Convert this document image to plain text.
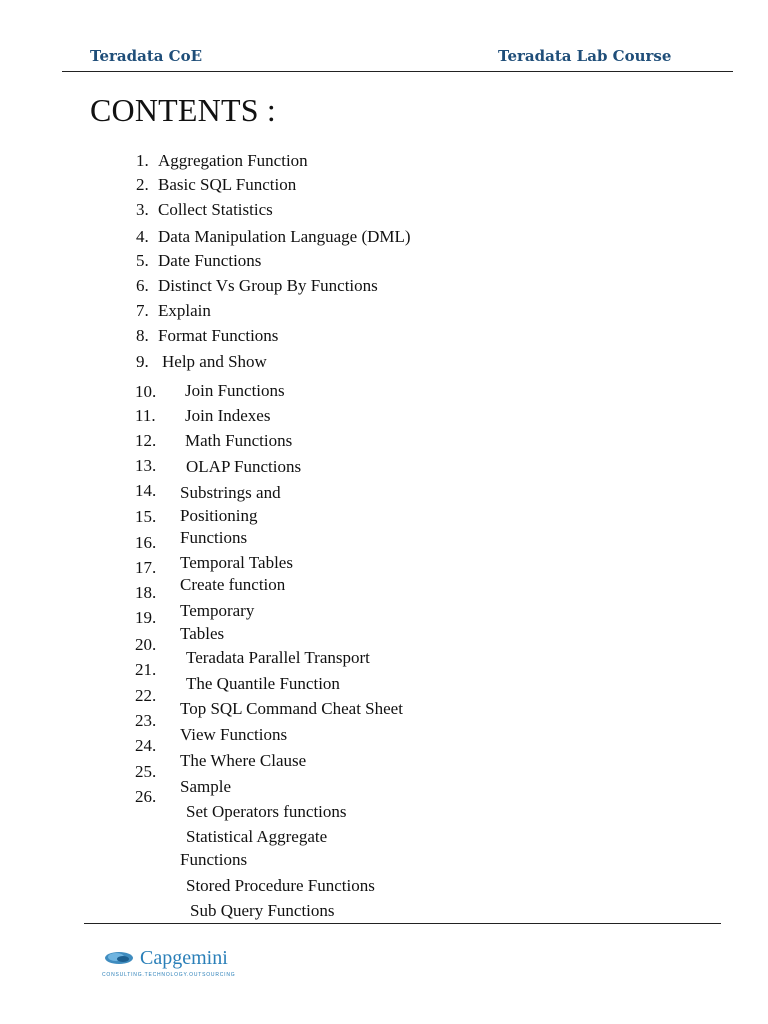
Teradata CoE	Teradata Lab Course
CONTENTS :
1. Aggregation Function
2. Basic SQL Function
3. Collect Statistics
4. Data Manipulation Language (DML)
5. Date Functions
6. Distinct Vs Group By Functions
7. Explain
8. Format Functions
9. Help and Show
10.
11.
12.
13.
14.
15.
16.
17.
18.
19.
20.
21.
22.
23.
24.
25.
26.
Join Functions
Join Indexes
Math Functions
OLAP Functions
Substrings and
Positioning
Functions
Temporal Tables
Create function
Temporary
Tables
Teradata Parallel Transport
The Quantile Function
Top SQL Command Cheat Sheet
View Functions
The Where Clause
Sample
Set Operators functions
Statistical Aggregate
Functions
Stored Procedure Functions
Sub Query Functions
Capgemini
CONSULTING.TECHNOLOGY.OUTSOURCING
